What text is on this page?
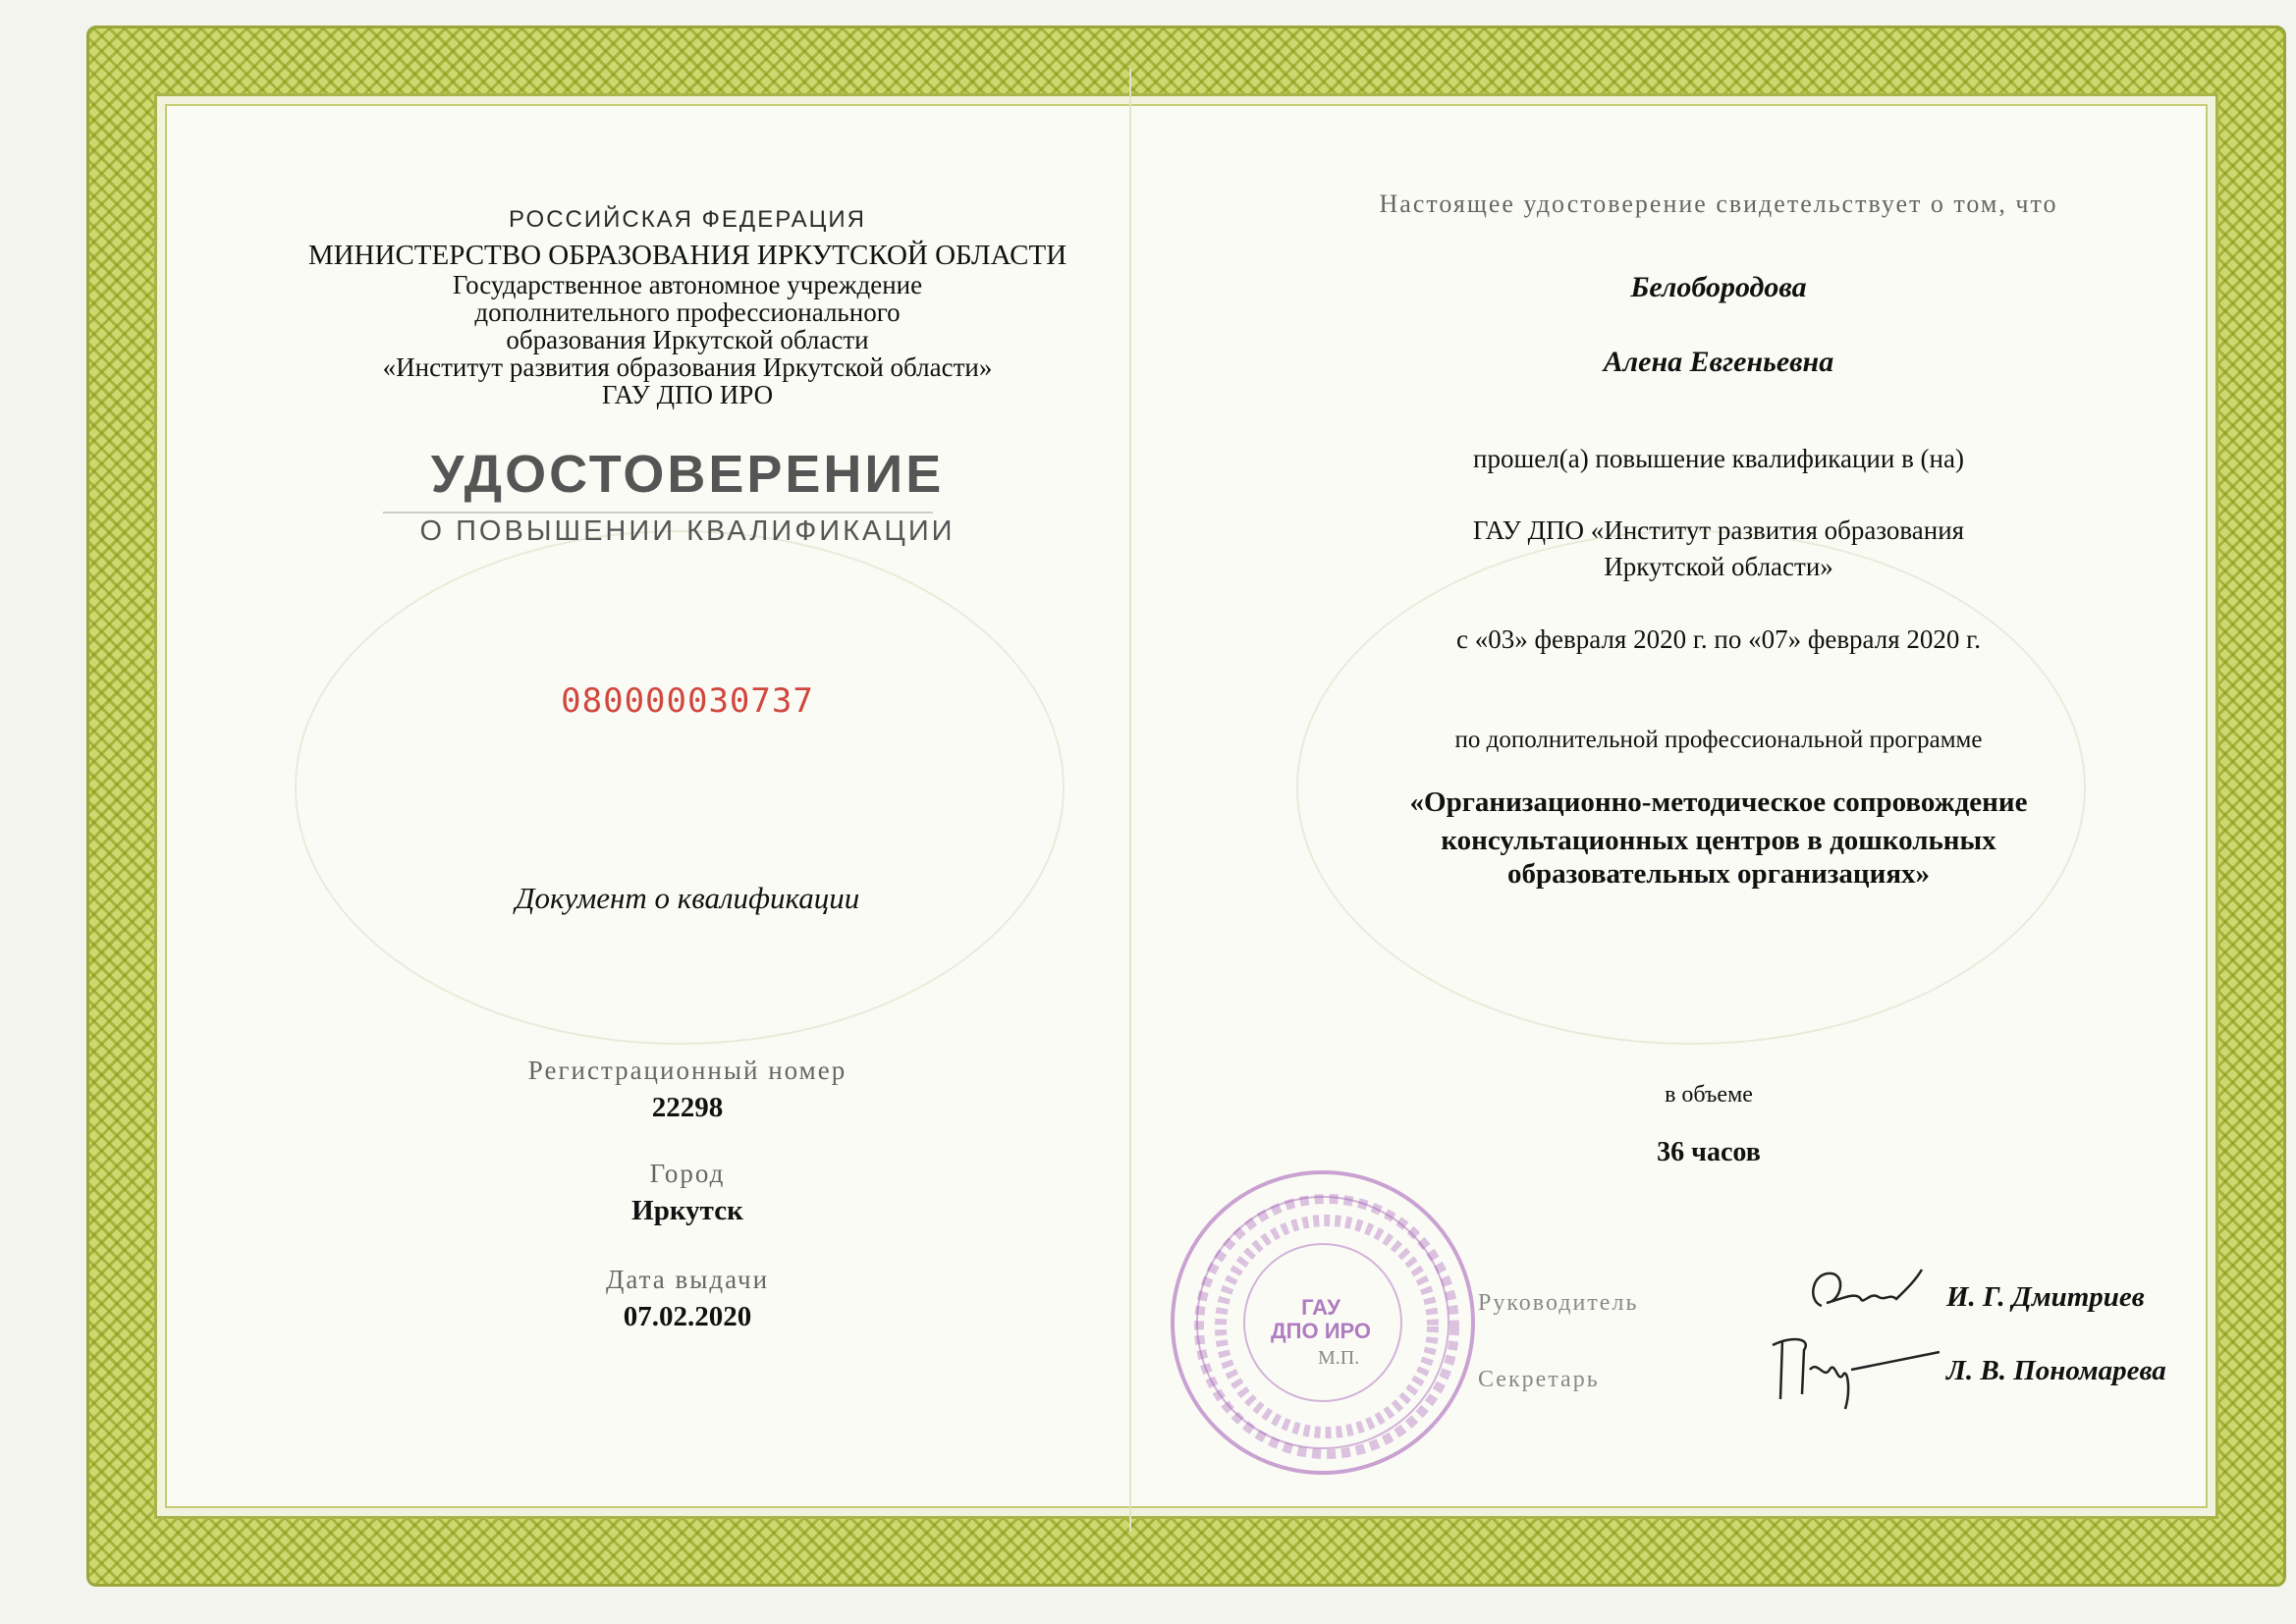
РОССИЙСКАЯ ФЕДЕРАЦИЯ
МИНИСТЕРСТВО ОБРАЗОВАНИЯ ИРКУТСКОЙ ОБЛАСТИ
Государственное автономное учреждение
дополнительного профессионального
образования Иркутской области
«Институт развития образования Иркутской области»
ГАУ ДПО ИРО
УДОСТОВЕРЕНИЕ
О ПОВЫШЕНИИ КВАЛИФИКАЦИИ
080000030737
Документ о квалификации
Регистрационный номер
22298
Город
Иркутск
Дата выдачи
07.02.2020
Настоящее удостоверение свидетельствует о том, что
Белобородова
Алена Евгеньевна
прошел(а) повышение квалификации в (на)
ГАУ ДПО «Институт развития образования
Иркутской области»
с «03» февраля 2020 г. по «07» февраля 2020 г.
по дополнительной профессиональной программе
«Организационно-методическое сопровождение
консультационных центров в дошкольных
образовательных организациях»
в объеме
36 часов
ГАУ
ДПО ИРО
М.П.
Руководитель
Секретарь
И. Г. Дмитриев
Л. В. Пономарева
